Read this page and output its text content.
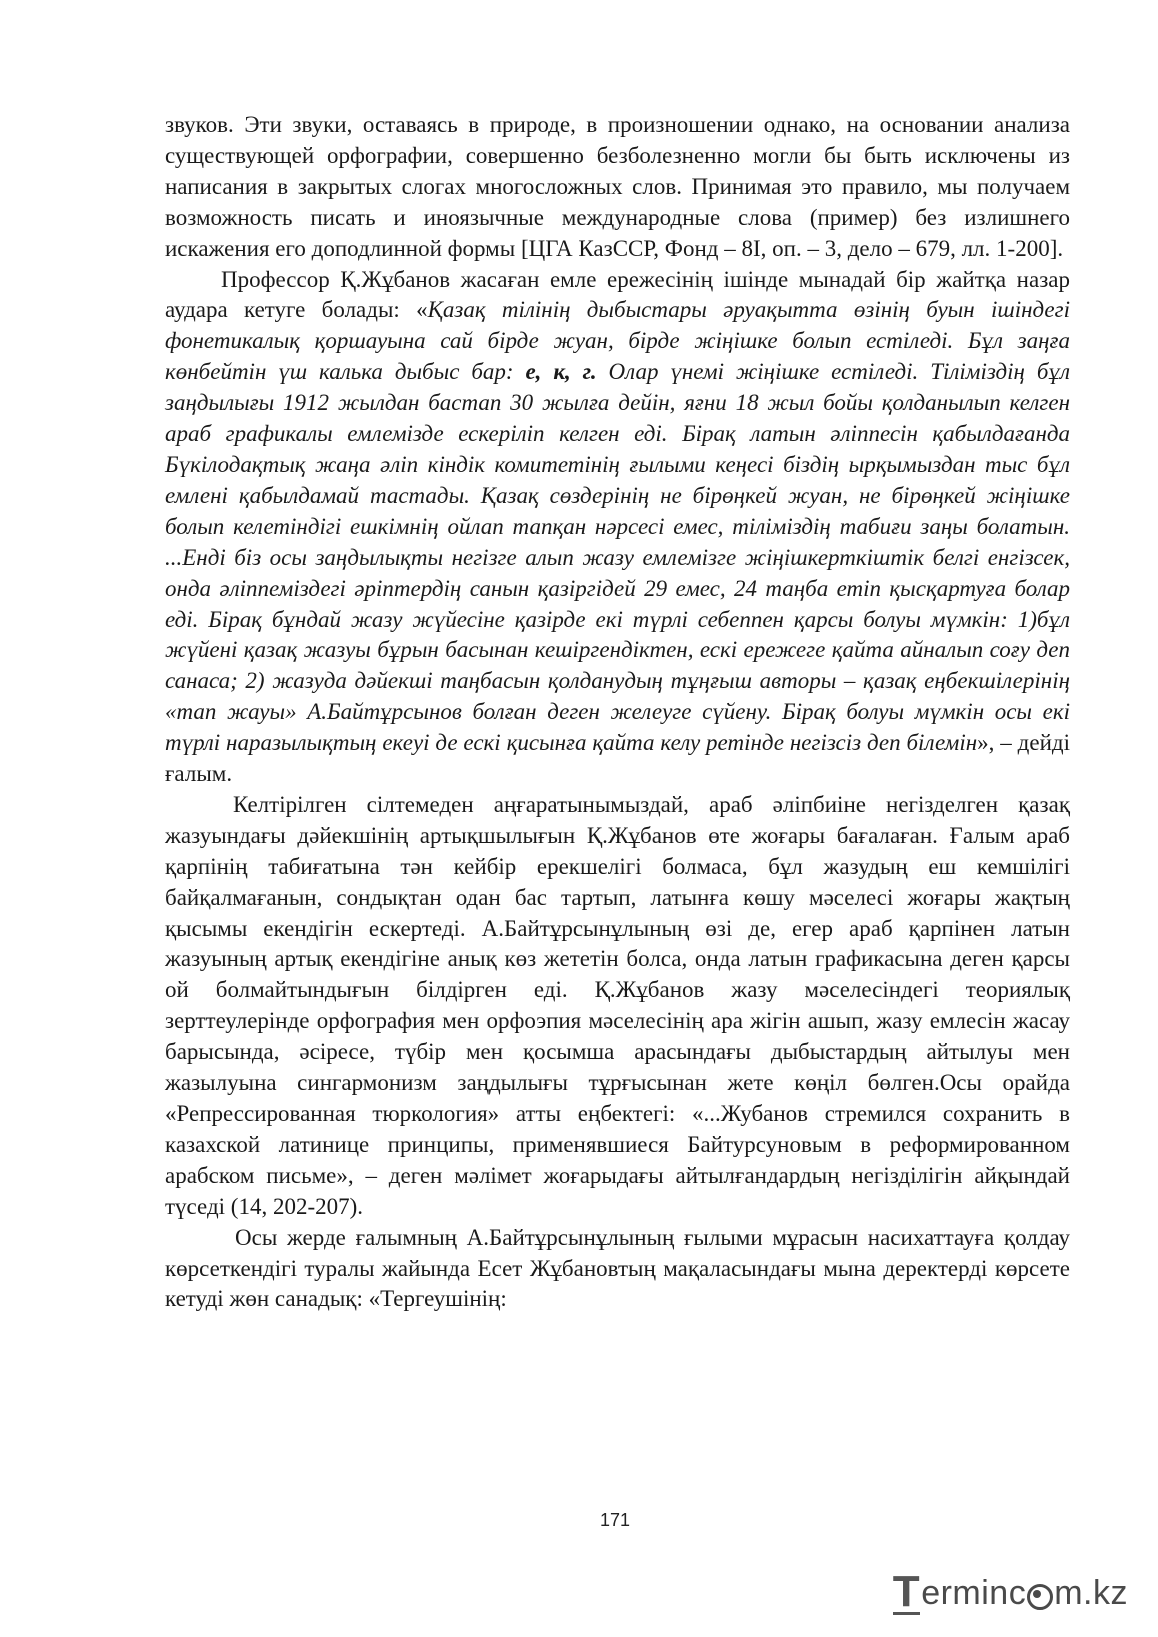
звуков. Эти звуки, оставаясь в природе, в произношении однако, на основании анализа существующей орфографии, совершенно безболезненно могли бы быть исключены из написания в закрытых слогах многосложных слов. Принимая это правило, мы получаем возможность писать и иноязычные международные слова (пример) без излишнего искажения его доподлинной формы [ЦГА КазССР, Фонд – 8І, оп. – 3, дело – 679, лл. 1-200].

Профессор Қ.Жұбанов жасаған емле ережесінің ішінде мынадай бір жайтқа назар аудара кетуге болады: «Қазақ тілінің дыбыстары әруақытта өзінің буын ішіндегі фонетикалық қоршауына сай бірде жуан, бірде жіңішке болып естіледі. Бұл заңға көнбейтін үш калька дыбыс бар: е, к, г. Олар үнемі жіңішке естіледі. Тіліміздің бұл заңдылығы 1912 жылдан бастап 30 жылға дейін, яғни 18 жыл бойы қолданылып келген араб графикалы емлемізде ескеріліп келген еді. Бірақ латын әліппесін қабылдағанда Бүкілодақтық жаңа әліп кіндік комитетінің ғылыми кеңесі біздің ырқымыздан тыс бұл емлені қабылдамай тастады. Қазақ сөздерінің не бірөңкей жуан, не бірөңкей жіңішке болып келетіндігі ешкімнің ойлап тапқан нәрсесі емес, тіліміздің табиғи заңы болатын. ...Енді біз осы заңдылықты негізге алып жазу емлемізге жіңішкерткіштік белгі енгізсек, онда әліппеміздегі әріптердің санын қазіргідей 29 емес, 24 таңба етіп қысқартуға болар еді. Бірақ бұндай жазу жүйесіне қазірде екі түрлі себеппен қарсы болуы мүмкін: 1)бұл жүйені қазақ жазуы бұрын басынан кешіргендіктен, ескі ережеге қайта айналып соғу деп санаса; 2) жазуда дәйекші таңбасын қолданудың тұңғыш авторы – қазақ еңбекшілерінің «тап жауы» А.Байтұрсынов болған деген желеуге сүйену. Бірақ болуы мүмкін осы екі түрлі наразылықтың екеуі де ескі қисынға қайта келу ретінде негізсіз деп білемін», – дейді ғалым.

Келтірілген сілтемеден аңғаратынымыздай, араб әліпбиіне негізделген қазақ жазуындағы дәйекшінің артықшылығын Қ.Жұбанов өте жоғары бағалаған. Ғалым араб қарпінің табиғатына тән кейбір ерекшелігі болмаса, бұл жазудың еш кемшілігі байқалмағанын, сондықтан одан бас тартып, латынға көшу мәселесі жоғары жақтың қысымы екендігін ескертеді. А.Байтұрсынұлының өзі де, егер араб қарпінен латын жазуының артық екендігіне анық көз жететін болса, онда латын графикасына деген қарсы ой болмайтындығын білдірген еді. Қ.Жұбанов жазу мәселесіндегі теориялық зерттеулерінде орфография мен орфоэпия мәселесінің ара жігін ашып, жазу емлесін жасау барысында, әсіресе, түбір мен қосымша арасындағы дыбыстардың айтылуы мен жазылуына сингармонизм заңдылығы тұрғысынан жете көңіл бөлген.Осы орайда «Репрессированная тюркология» атты еңбектегі: «...Жубанов стремился сохранить в казахской латинице принципы, применявшиеся Байтурсуновым в реформированном арабском письме», – деген мәлімет жоғарыдағы айтылғандардың негізділігін айқындай түседі (14, 202-207).

Осы жерде ғалымның А.Байтұрсынұлының ғылыми мұрасын насихаттауға қолдау көрсеткендігі туралы жайында Есет Жұбановтың мақаласындағы мына деректерді көрсете кетуді жөн санадық: «Тергеушінің:

171
T erminc m.kz
